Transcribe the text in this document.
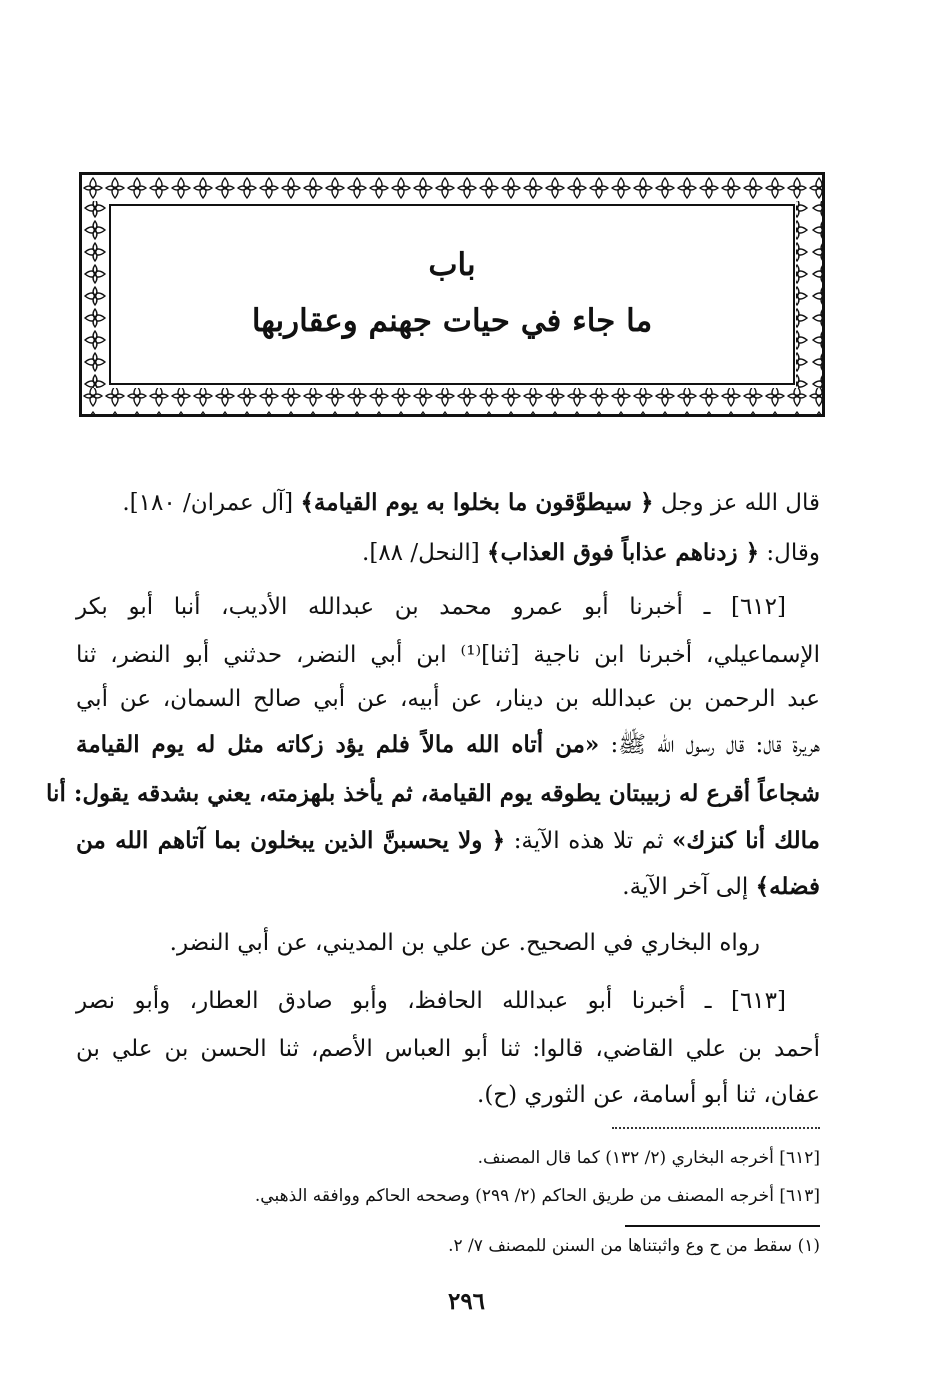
باب
ما جاء في حيات جهنم وعقاربها
قال الله عز وجل ﴿ سيطوَّقون ما بخلوا به يوم القيامة﴾ [آل عمران/ ١٨٠].
وقال: ﴿ زدناهم عذاباً فوق العذاب﴾ [النحل/ ٨٨].
[٦١٢] ـ أخبرنا أبو عمرو محمد بن عبدالله الأديب، أنبا أبو بكر
الإسماعيلي، أخبرنا ابن ناجية [ثنا]⁽¹⁾ ابن أبي النضر، حدثني أبو النضر، ثنا
عبد الرحمن بن عبدالله بن دينار، عن أبيه، عن أبي صالح السمان، عن أبي
هريرة قال: قال رسول الله ﷺ: «من أتاه الله مالاً فلم يؤد زكاته مثل له يوم القيامة
شجاعاً أقرع له زبيبتان يطوقه يوم القيامة، ثم يأخذ بلهزمته، يعني بشدقه يقول: أنا
مالك أنا كنزك» ثم تلا هذه الآية: ﴿ ولا يحسبنَّ الذين يبخلون بما آتاهم الله من
فضله﴾ إلى آخر الآية.
رواه البخاري في الصحيح. عن علي بن المديني، عن أبي النضر.
[٦١٣] ـ أخبرنا أبو عبدالله الحافظ، وأبو صادق العطار، وأبو نصر
أحمد بن علي القاضي، قالوا: ثنا أبو العباس الأصم، ثنا الحسن بن علي بن
عفان، ثنا أبو أسامة، عن الثوري (ح).
[٦١٢] أخرجه البخاري (٢/ ١٣٢) كما قال المصنف.
[٦١٣] أخرجه المصنف من طريق الحاكم (٢/ ٢٩٩) وصححه الحاكم ووافقه الذهبي.
(١) سقط من ح وع واثبتناها من السنن للمصنف ٧/ ٢.
٢٩٦
